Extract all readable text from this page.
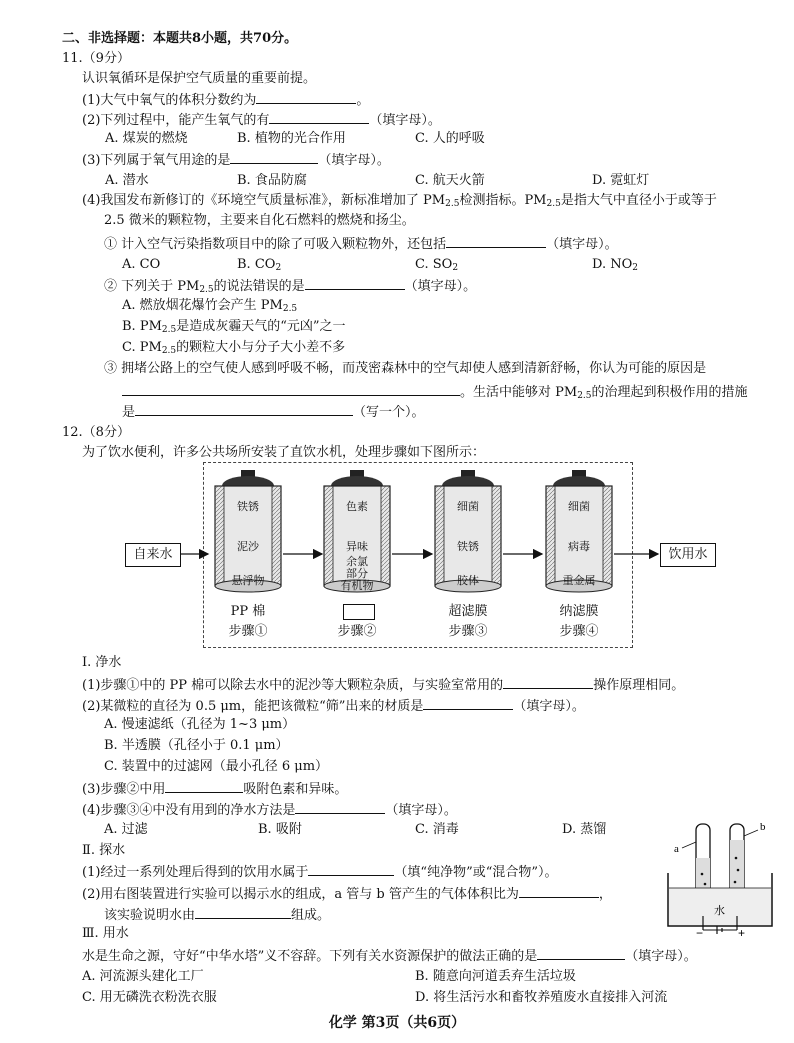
二、非选择题：本题共8小题，共70分。
11.（9分）
认识氧循环是保护空气质量的重要前提。
(1)大气中氧气的体积分数约为	。
(2)下列过程中，能产生氧气的有	（填字母）。
A. 煤炭的燃烧	B. 植物的光合作用	C. 人的呼吸
(3)下列属于氧气用途的是	（填字母）。
A. 潜水	B. 食品防腐	C. 航天火箭	D. 霓虹灯
(4)我国发布新修订的《环境空气质量标准》，新标准增加了 $PM_{2.5}$检测指标。$PM_{2.5}$是指大气中直径小于或等于
2.5 微米的颗粒物，主要来自化石燃料的燃烧和扬尘。
① 计入空气污染指数项目中的除了可吸入颗粒物外，还包括	（填字母）。
A. CO	B. $CO_2$	C. $SO_2$	D. $NO_2$
② 下列关于 $PM_{2.5}$的说法错误的是	（填字母）。
A. 燃放烟花爆竹会产生 $PM_{2.5}$
B. $PM_{2.5}$是造成灰霾天气的“元凶”之一
C. $PM_{2.5}$的颗粒大小与分子大小差不多
③ 拥堵公路上的空气使人感到呼吸不畅，而茂密森林中的空气却使人感到清新舒畅，你认为可能的原因是
。生活中能够对 $PM_{2.5}$的治理起到积极作用的措施
是	（写一个）。
12.（8分）
为了饮水便利，许多公共场所安装了直饮水机，处理步骤如下图所示：
自来水	饮用水
铁锈
泥沙
悬浮物
色素
异味
余氯
部分
有机物
细菌
铁锈
胶体
细菌
病毒
重金属
PP 棉
步骤①	步骤②
超滤膜
步骤③
纳滤膜
步骤④
Ⅰ. 净水
(1)步骤①中的 PP 棉可以除去水中的泥沙等大颗粒杂质，与实验室常用的	操作原理相同。
(2)某微粒的直径为 0.5 μm，能把该微粒“筛”出来的材质是	（填字母）。
A. 慢速滤纸（孔径为 1~3 μm）
B. 半透膜（孔径小于 0.1 μm）
C. 装置中的过滤网（最小孔径 6 μm）
(3)步骤②中用	吸附色素和异味。
(4)步骤③④中没有用到的净水方法是	（填字母）。
A. 过滤	B. 吸附	C. 消毒	D. 蒸馏
Ⅱ. 探水
(1)经过一系列处理后得到的饮用水属于	（填“纯净物”或“混合物”）。
(2)用右图装置进行实验可以揭示水的组成，a 管与 b 管产生的气体体积比为	，
该实验说明水由	组成。
a
b
水
−	+
Ⅲ. 用水
水是生命之源，守好“中华水塔”义不容辞。下列有关水资源保护的做法正确的是	（填字母）。
A. 河流源头建化工厂	B. 随意向河道丢弃生活垃圾
C. 用无磷洗衣粉洗衣服	D. 将生活污水和畜牧养殖废水直接排入河流
化学 第3页（共6页）
